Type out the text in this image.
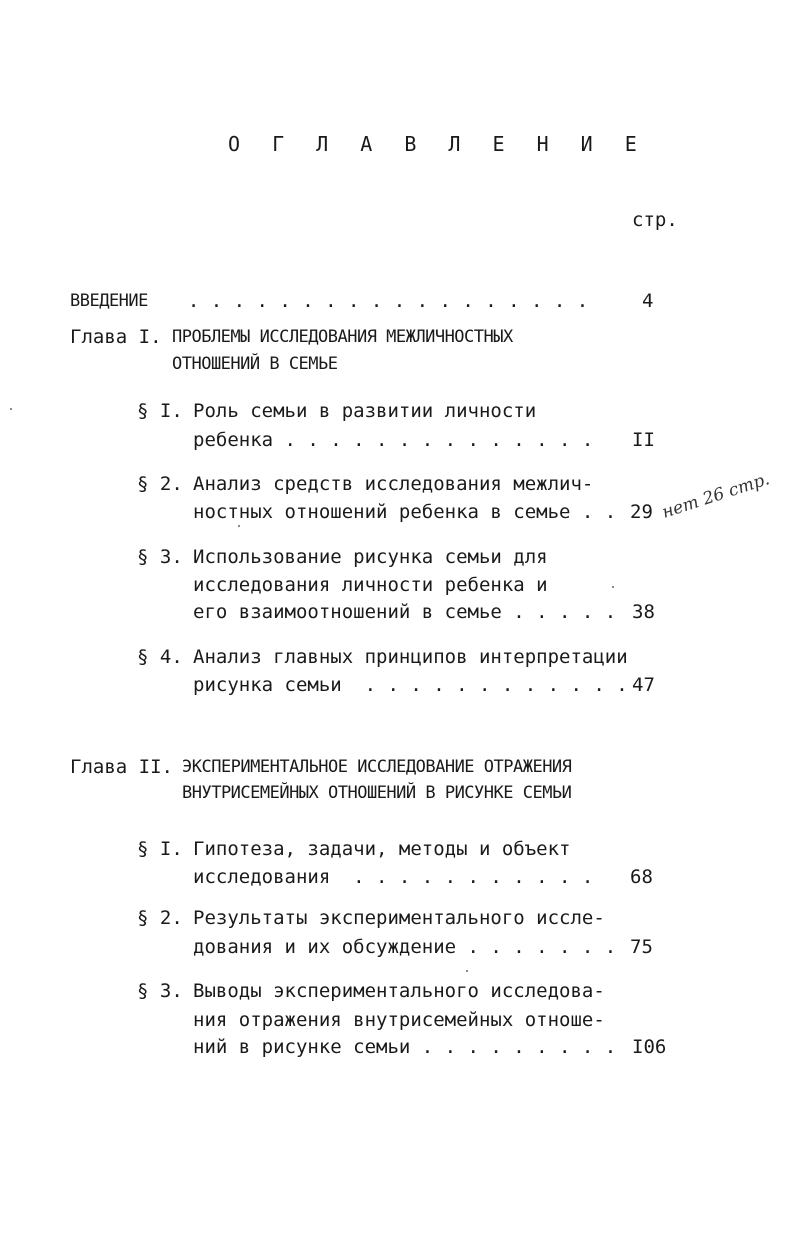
О Г Л А В Л Е Н И Е
стр.
ВВЕДЕНИЕ . . . . . . . . . . . . . . . . . .	4
Глава I. ПРОБЛЕМЫ ИССЛЕДОВАНИЯ МЕЖЛИЧНОСТНЫХ
ОТНОШЕНИЙ В СЕМЬЕ
§ I. Роль семьи в развитии личности
ребенка . . . . . . . . . . . . . . II
§ 2. Анализ средств исследования межлич-
ностных отношений ребенка в семье . . 29
§ 3. Использование рисунка семьи для
исследования личности ребенка и
его взаимоотношений в семье . . . . . 38
§ 4. Анализ главных принципов интерпретации
рисунка семьи  . . . . . . . . . . . . 47
Глава II. ЭКСПЕРИМЕНТАЛЬНОЕ ИССЛЕДОВАНИЕ ОТРАЖЕНИЯ
ВНУТРИСЕМЕЙНЫХ ОТНОШЕНИЙ В РИСУНКЕ СЕМЬИ
§ I. Гипотеза, задачи, методы и объект
исследования  . . . . . . . . . . . 68
§ 2. Результаты экспериментального иссле-
дования и их обсуждение . . . . . . . 75
§ 3. Выводы экспериментального исследова-
ния отражения внутрисемейных отноше-
ний в рисунке семьи . . . . . . . . . I06
нет 26 стр.
